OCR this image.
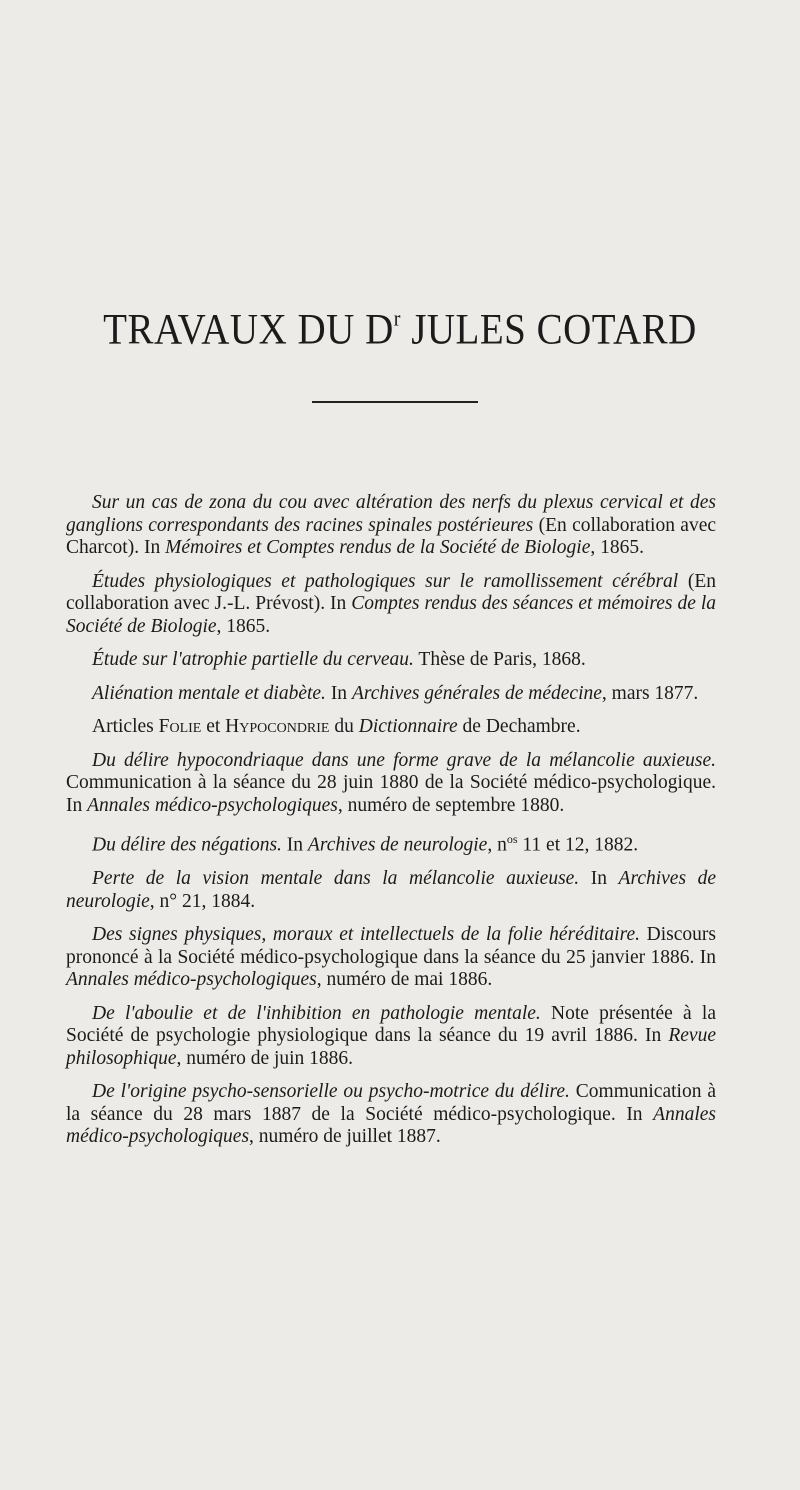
TRAVAUX DU $D^r$ JULES COTARD

Sur un cas de zona du cou avec altération des nerfs du plexus cervical et des ganglions correspondants des racines spinales postérieures (En collaboration avec Charcot). In Mémoires et Comptes rendus de la Société de Biologie, 1865.

Études physiologiques et pathologiques sur le ramollissement cérébral (En collaboration avec J.-L. Prévost). In Comptes rendus des séances et mémoires de la Société de Biologie, 1865.

Étude sur l'atrophie partielle du cerveau. Thèse de Paris, 1868.

Aliénation mentale et diabète. In Archives générales de médecine, mars 1877.

Articles Folie et Hypocondrie du Dictionnaire de Dechambre.

Du délire hypocondriaque dans une forme grave de la mélancolie auxieuse. Communication à la séance du 28 juin 1880 de la Société médico-psychologique. In Annales médico-psychologiques, numéro de septembre 1880.

Du délire des négations. In Archives de neurologie, $n^{os}$ 11 et 12, 1882.

Perte de la vision mentale dans la mélancolie auxieuse. In Archives de neurologie, n° 21, 1884.

Des signes physiques, moraux et intellectuels de la folie héréditaire. Discours prononcé à la Société médico-psychologique dans la séance du 25 janvier 1886. In Annales médico-psychologiques, numéro de mai 1886.

De l'aboulie et de l'inhibition en pathologie mentale. Note présentée à la Société de psychologie physiologique dans la séance du 19 avril 1886. In Revue philosophique, numéro de juin 1886.

De l'origine psycho-sensorielle ou psycho-motrice du délire. Communication à la séance du 28 mars 1887 de la Société médico-psychologique. In Annales médico-psychologiques, numéro de juillet 1887.
